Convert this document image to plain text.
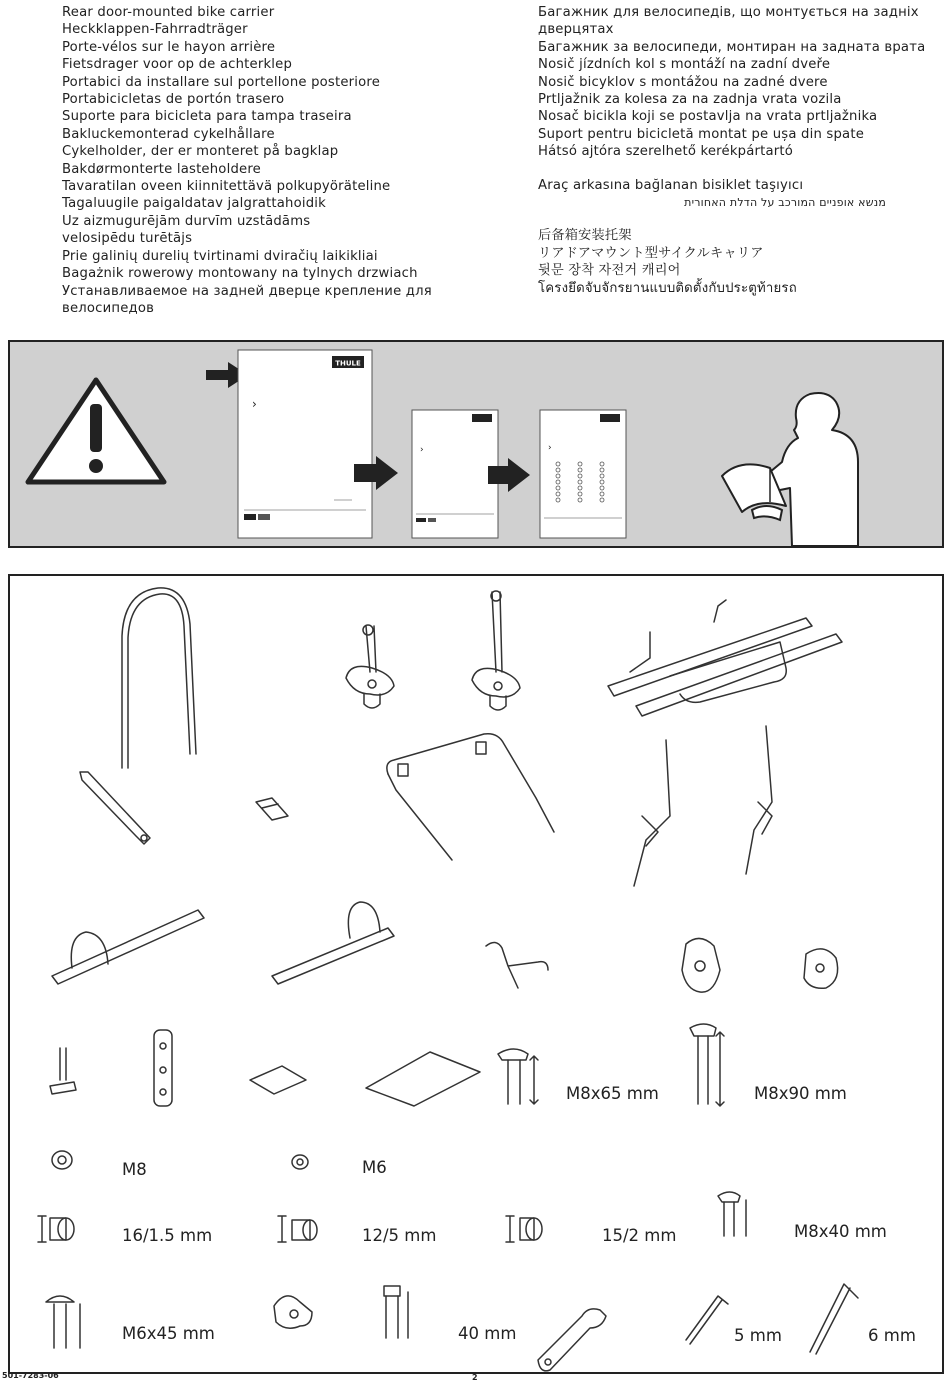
Rear door-mounted bike carrier
Heckklappen-Fahrradträger
Porte-vélos sur le hayon arrière
Fietsdrager voor op de achterklep
Portabici da installare sul portellone posteriore
Portabicicletas de portón trasero
Suporte para bicicleta para tampa traseira
Bakluckemonterad cykelhållare
Cykelholder, der er monteret på bagklap
Bakdørmonterte lasteholdere
Tavaratilan oveen kiinnitettävä polkupyöräteline
Tagaluugile paigaldatav jalgrattahoidik
Uz aizmugurējām durvīm uzstādāms
velosipēdu turētājs
Prie galinių durelių tvirtinami dviračių laikikliai
Bagażnik rowerowy montowany na tylnych drzwiach
Устанавливаемое на задней дверце крепление для
велосипедов
Багажник для велосипедів, що монтується на задніх
дверцятах
Багажник за велосипеди, монтиран на задната врата
Nosič jízdních kol s montáží na zadní dveře
Nosič bicyklov s montážou na zadné dvere
Prtljažnik za kolesa za na zadnja vrata vozila
Nosač bicikla koji se postavlja na vrata prtljažnika
Suport pentru bicicletă montat pe ușa din spate
Hátsó ajtóra szerelhető kerékpártartó
Araç arkasına bağlanan bisiklet taşıyıcı
מנשא אופניים המורכב על הדלת האחורית
后备箱安装托架
リアドアマウント型サイクルキャリア
뒷문 장착 자전거 캐리어
โครงยึดจับจักรยานแบบติดตั้งกับประตูท้ายรถ
THULE
›
›	›
M8x65 mm	M8x90 mm
M8	M6
16/1.5 mm	12/5 mm	15/2 mm	M8x40 mm
M6x45 mm	40 mm	5 mm	6 mm
501-7283-06	2
